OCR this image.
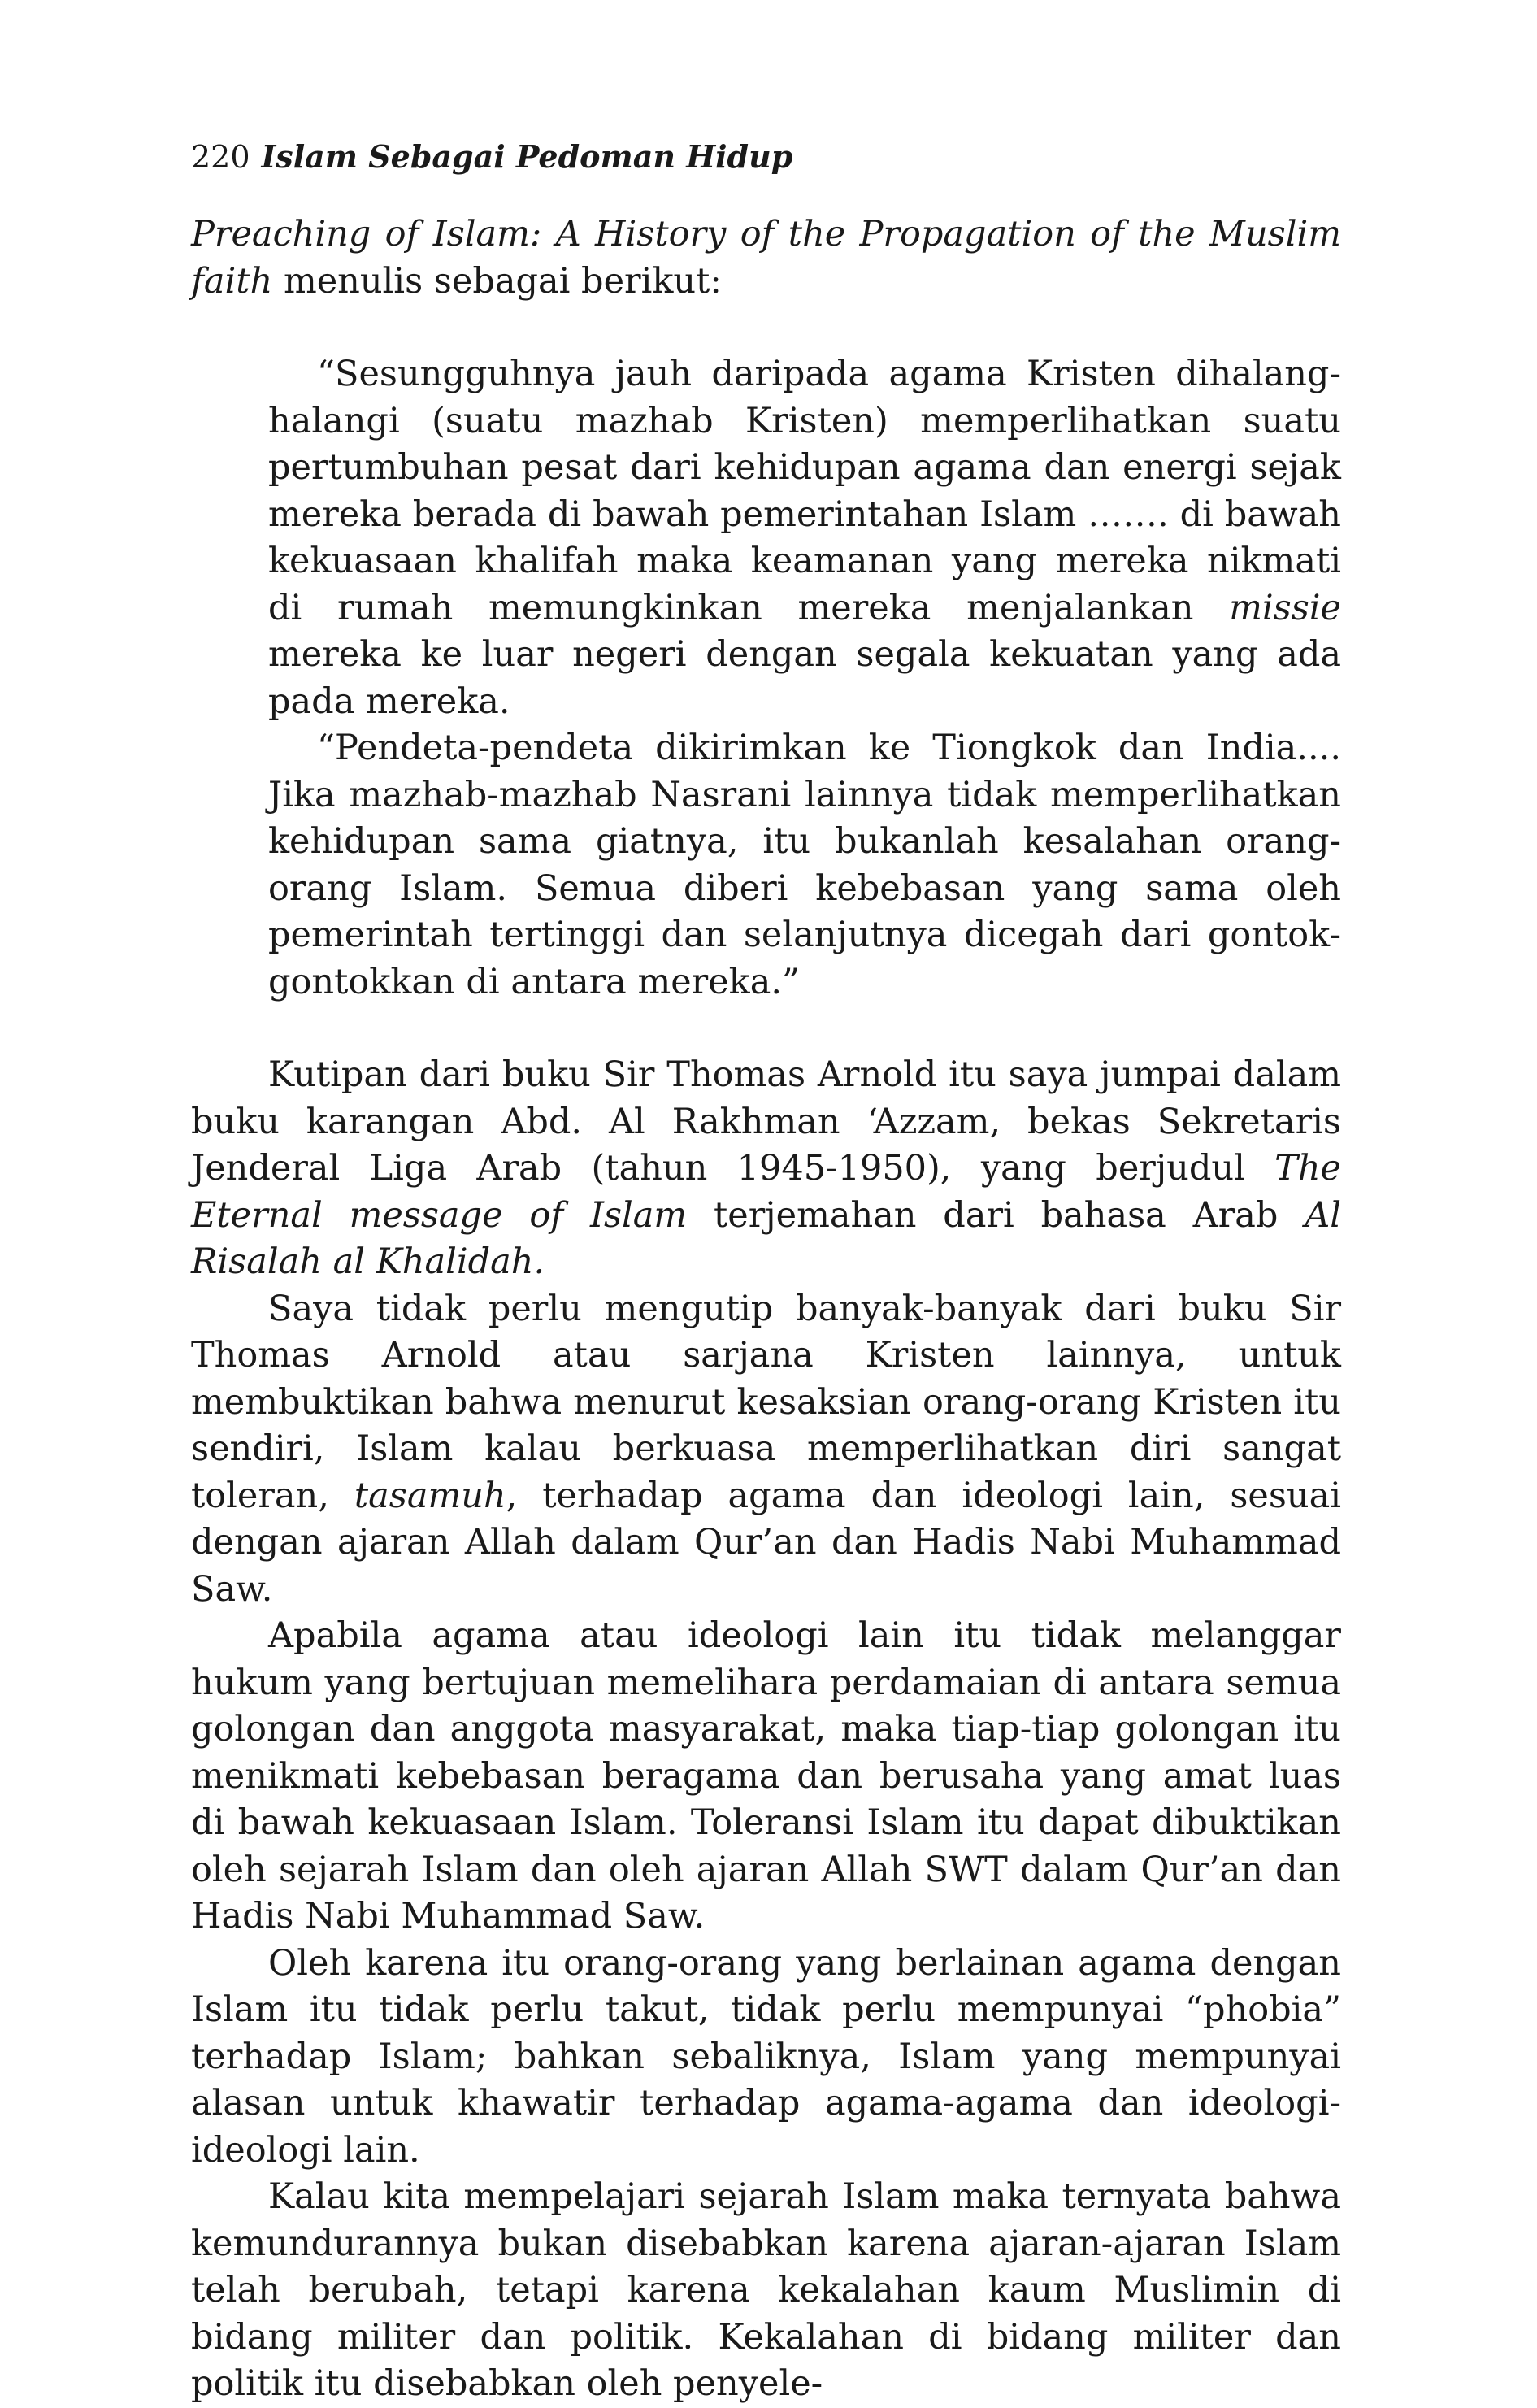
220 Islam Sebagai Pedoman Hidup

Preaching of Islam: A History of the Propagation of the Muslim faith menulis sebagai berikut:

“Sesungguhnya jauh daripada agama Kristen dihalang-halangi (suatu mazhab Kristen) memperlihatkan suatu pertumbuhan pesat dari kehidupan agama dan energi sejak mereka berada di bawah pemerintahan Islam ……. di bawah kekuasaan khalifah maka keamanan yang mereka nikmati di rumah memungkinkan mereka menjalankan missie mereka ke luar negeri dengan segala kekuatan yang ada pada mereka.

“Pendeta-pendeta dikirimkan ke Tiongkok dan India.... Jika mazhab-mazhab Nasrani lainnya tidak memperlihatkan kehidupan sama giatnya, itu bukanlah kesalahan orang-orang Islam. Semua diberi kebebasan yang sama oleh pemerintah tertinggi dan selanjutnya dicegah dari gontok-gontokkan di antara mereka.”

Kutipan dari buku Sir Thomas Arnold itu saya jumpai dalam buku karangan Abd. Al Rakhman ‘Azzam, bekas Sekretaris Jenderal Liga Arab (tahun 1945-1950), yang berjudul The Eternal message of Islam terjemahan dari bahasa Arab Al Risalah al Khalidah.

Saya tidak perlu mengutip banyak-banyak dari buku Sir Thomas Arnold atau sarjana Kristen lainnya, untuk membuktikan bahwa menurut kesaksian orang-orang Kristen itu sendiri, Islam kalau berkuasa memperlihatkan diri sangat toleran, tasamuh, terhadap agama dan ideologi lain, sesuai dengan ajaran Allah dalam Qur’an dan Hadis Nabi Muhammad Saw.

Apabila agama atau ideologi lain itu tidak melanggar hukum yang bertujuan memelihara perdamaian di antara semua golongan dan anggota masyarakat, maka tiap-tiap golongan itu menikmati kebebasan beragama dan berusaha yang amat luas di bawah kekuasaan Islam. Toleransi Islam itu dapat dibuktikan oleh sejarah Islam dan oleh ajaran Allah SWT dalam Qur’an dan Hadis Nabi Muhammad Saw.

Oleh karena itu orang-orang yang berlainan agama dengan Islam itu tidak perlu takut, tidak perlu mempunyai “phobia” terhadap Islam; bahkan sebaliknya, Islam yang mempunyai alasan untuk khawatir terhadap agama-agama dan ideologi-ideologi lain.

Kalau kita mempelajari sejarah Islam maka ternyata bahwa kemundurannya bukan disebabkan karena ajaran-ajaran Islam telah berubah, tetapi karena kekalahan kaum Muslimin di bidang militer dan politik. Kekalahan di bidang militer dan politik itu disebabkan oleh penyele-
